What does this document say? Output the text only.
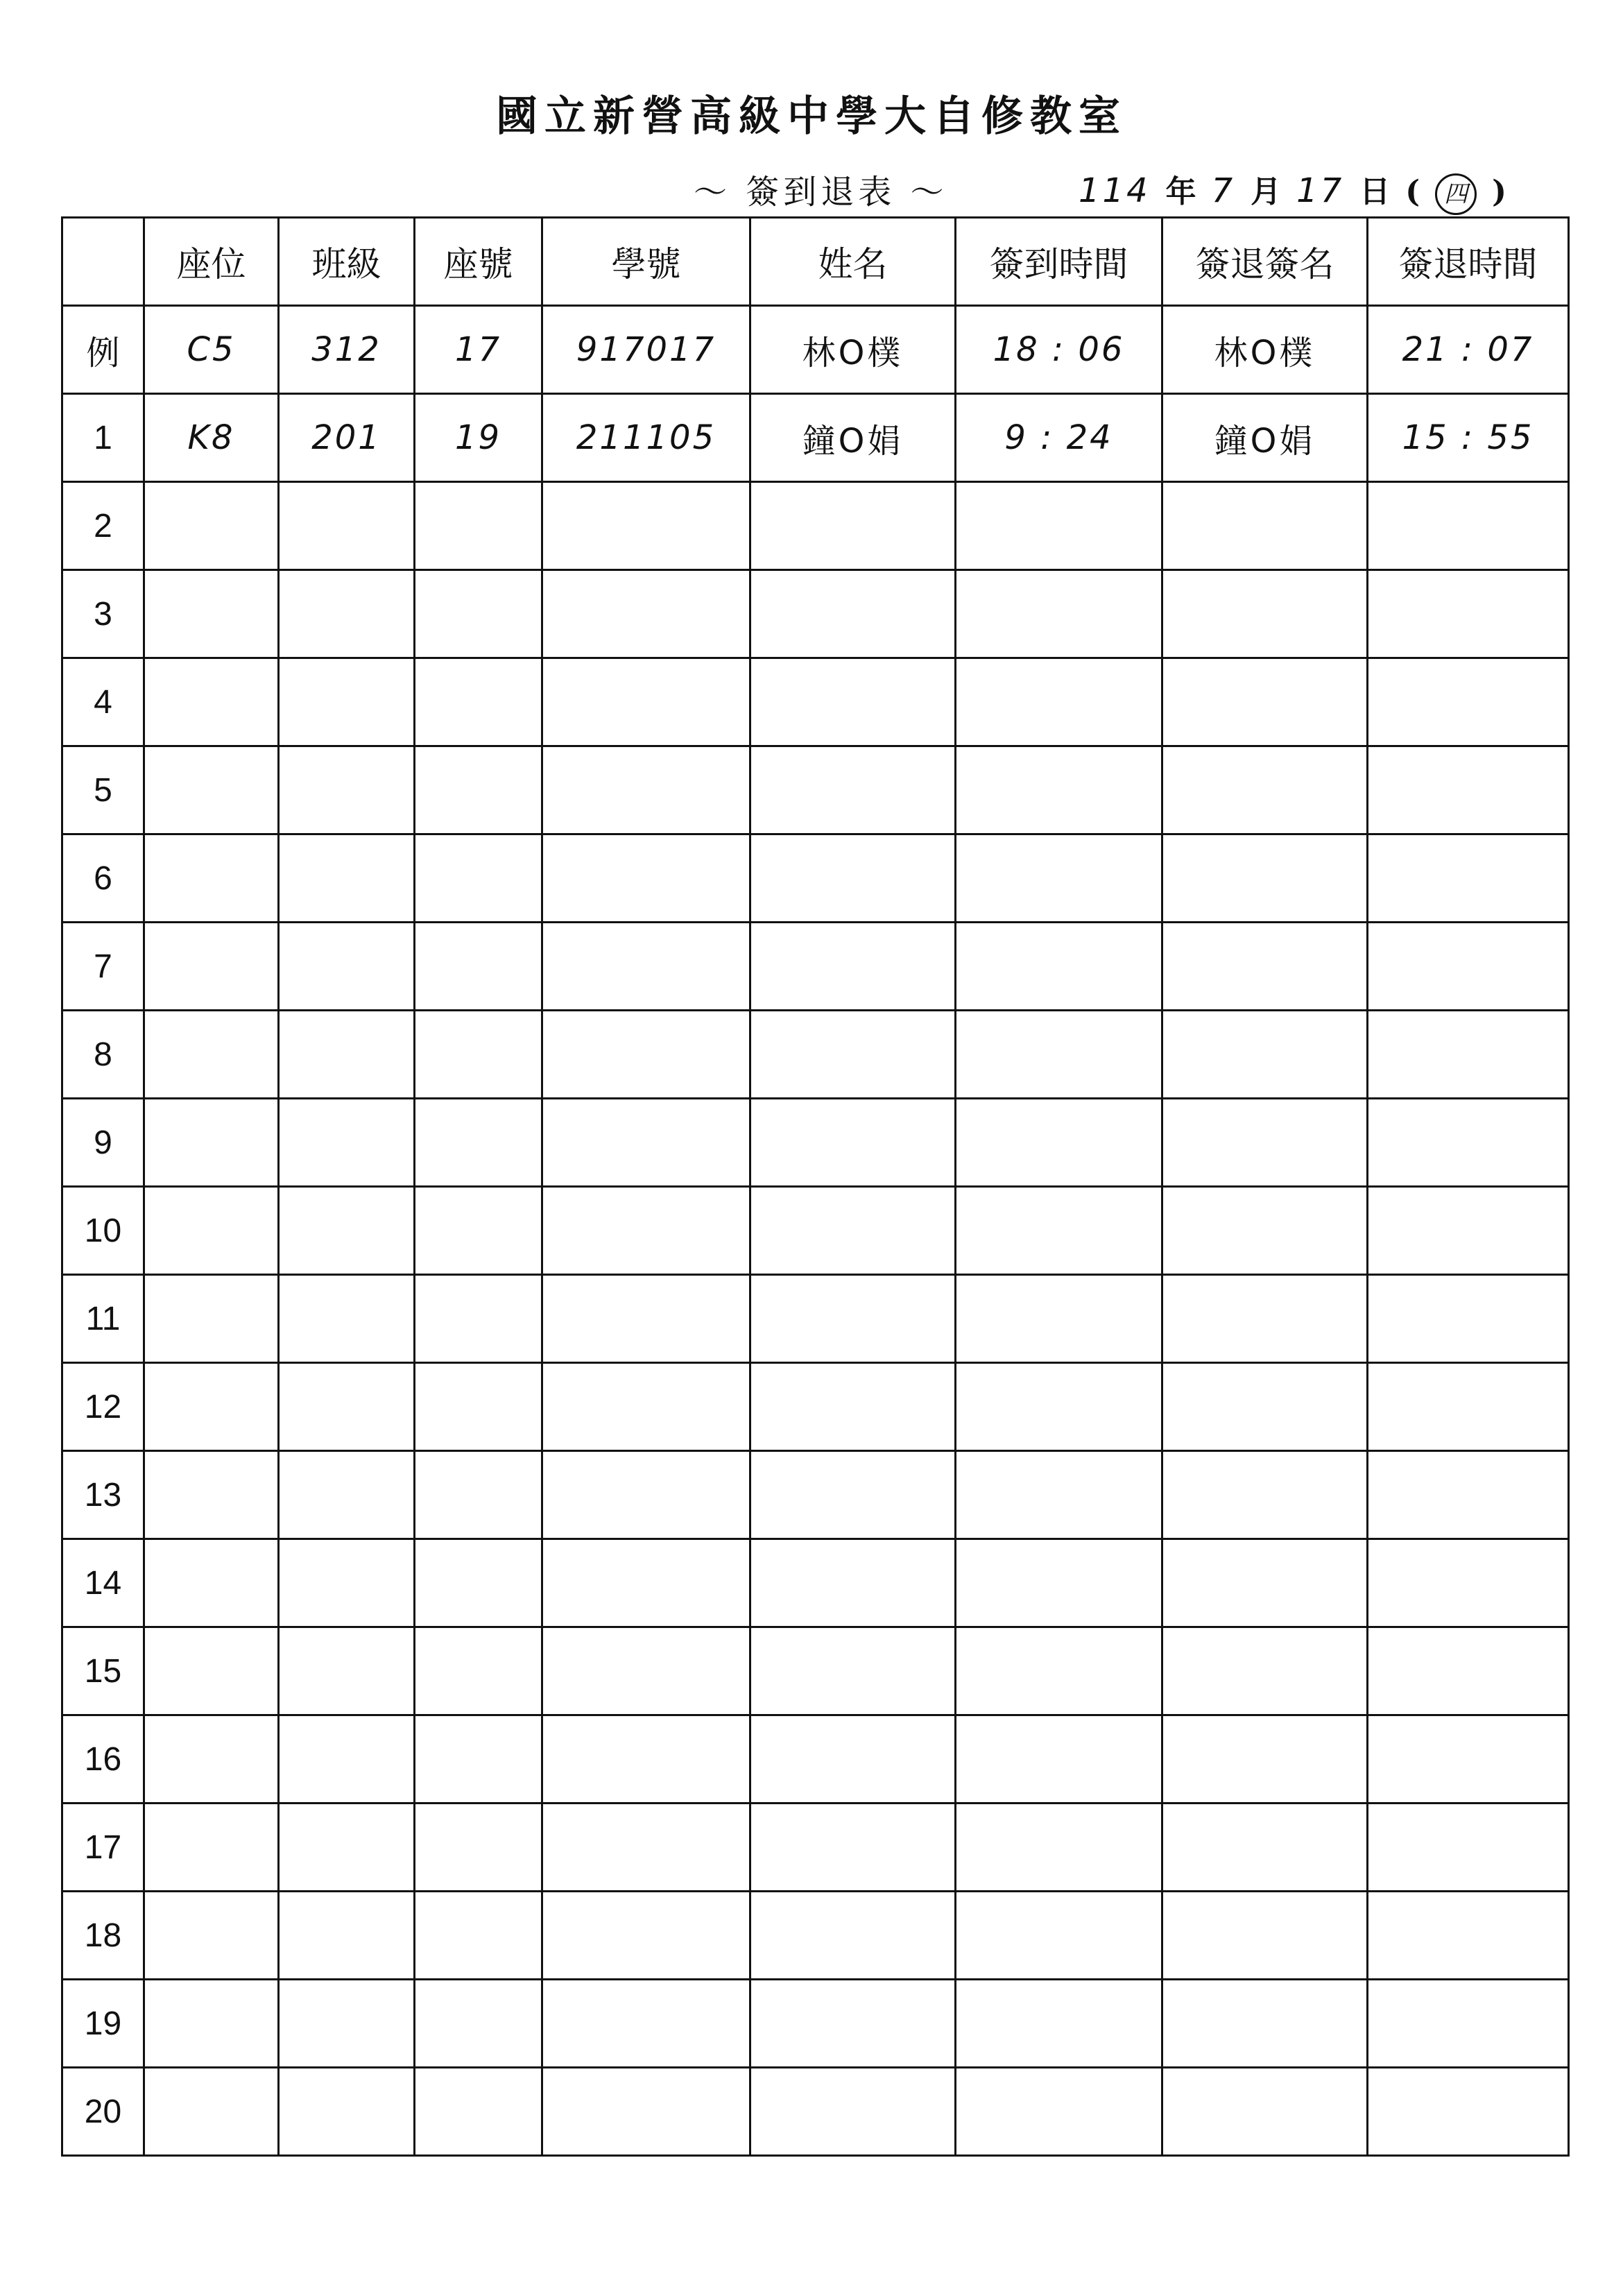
國立新營高級中學大自修教室
～ 簽到退表 ～	114 年 7 月 17 日 (	四 )
	座位	班級	座號	學號	姓名	簽到時間	簽退簽名	簽退時間
例	C5	312	17	917017	林O樸	18 : 06	林O樸	21 : 07
1	K8	201	19	211105	鐘O娟	9 : 24	鐘O娟	15 : 55
2								
3								
4								
5								
6								
7								
8								
9								
10								
11								
12								
13								
14								
15								
16								
17								
18								
19								
20								
